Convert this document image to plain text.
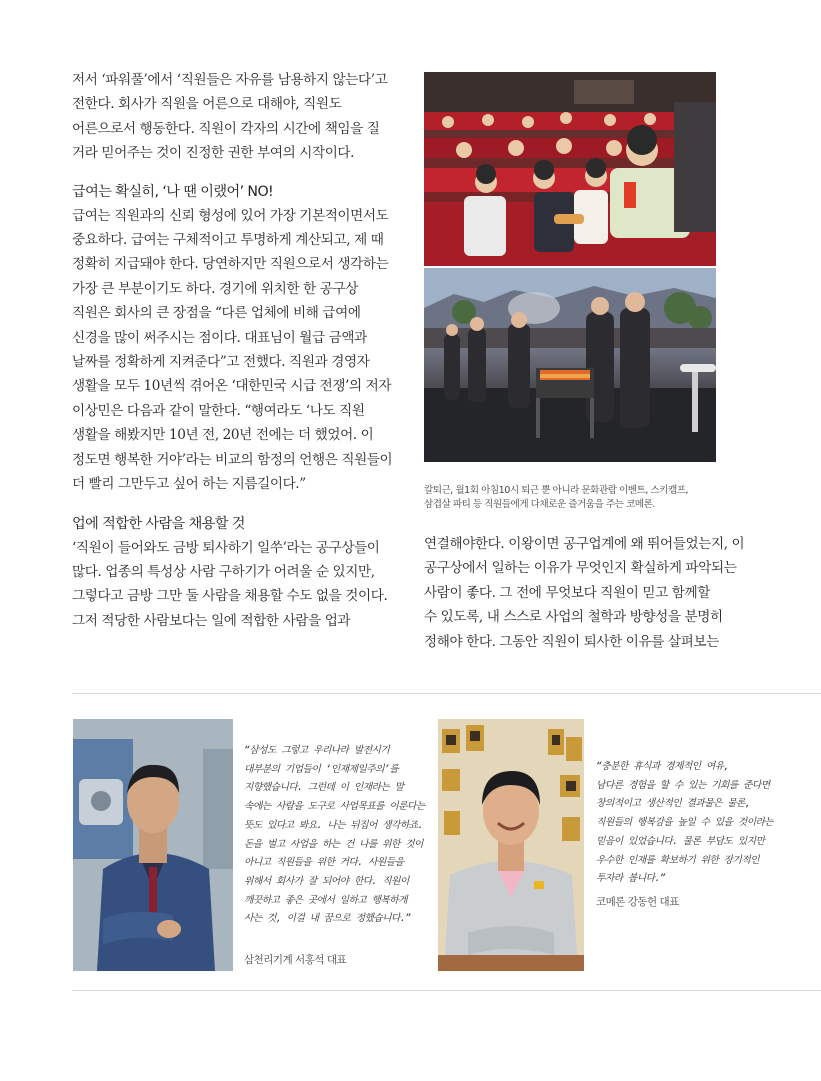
저서 ‘파워풀’에서 ‘직원들은 자유를 남용하지 않는다’고
전한다. 회사가 직원을 어른으로 대해야, 직원도
어른으로서 행동한다. 직원이 각자의 시간에 책임을 질
거라 믿어주는 것이 진정한 권한 부여의 시작이다.

급여는 확실히, ‘나 땐 이랬어’ NO!

급여는 직원과의 신뢰 형성에 있어 가장 기본적이면서도
중요하다. 급여는 구체적이고 투명하게 계산되고, 제 때
정확히 지급돼야 한다. 당연하지만 직원으로서 생각하는
가장 큰 부분이기도 하다. 경기에 위치한 한 공구상
직원은 회사의 큰 장점을 “다른 업체에 비해 급여에
신경을 많이 써주시는 점이다. 대표님이 월급 금액과
날짜를 정확하게 지켜준다”고 전했다. 직원과 경영자
생활을 모두 10년씩 겪어온 ‘대한민국 시급 전쟁’의 저자
이상민은 다음과 같이 말한다. “행여라도 ‘나도 직원
생활을 해봤지만 10년 전, 20년 전에는 더 했었어. 이
정도면 행복한 거야’라는 비교의 함정의 언행은 직원들이
더 빨리 그만두고 싶어 하는 지름길이다.”

업에 적합한 사람을 채용할 것

‘직원이 들어와도 금방 퇴사하기 일쑤’라는 공구상들이
많다. 업종의 특성상 사람 구하기가 어려울 순 있지만,
그렇다고 금방 그만 둘 사람을 채용할 수도 없을 것이다.
그저 적당한 사람보다는 일에 적합한 사람을 업과

칼퇴근, 월1회 아침10시 퇴근 뿐 아니라 문화관람 이벤트, 스키캠프,
삼겹살 파티 등 직원들에게 다채로운 즐거움을 주는 코메론.

연결해야한다. 이왕이면 공구업계에 왜 뛰어들었는지, 이
공구상에서 일하는 이유가 무엇인지 확실하게 파악되는
사람이 좋다. 그 전에 무엇보다 직원이 믿고 함께할
수 있도록, 내 스스로 사업의 철학과 방향성을 분명히
정해야 한다. 그동안 직원이 퇴사한 이유를 살펴보는

“삼성도 그렇고 우리나라 발전시기
대부분의 기업들이 ‘인재제일주의’를
지향했습니다. 그런데 이 인재라는 말
속에는 사람을 도구로 사업목표를 이룬다는
뜻도 있다고 봐요. 나는 뒤집어 생각하죠.
돈을 벌고 사업을 하는 건 나를 위한 것이
아니고 직원들을 위한 거다. 사원들을
위해서 회사가 잘 되어야 한다. 직원이
깨끗하고 좋은 곳에서 일하고 행복하게
사는 것, 이걸 내 꿈으로 정했습니다.”

삼천리기계 서홍석 대표

“충분한 휴식과 경제적인 여유,
남다른 경험을 할 수 있는 기회를 준다면
창의적이고 생산적인 결과물은 물론,
직원들의 행복감을 높일 수 있을 것이라는
믿음이 있었습니다. 물론 부담도 있지만
우수한 인재를 확보하기 위한 장기적인
투자라 봅니다.”

코메론 강동헌 대표
